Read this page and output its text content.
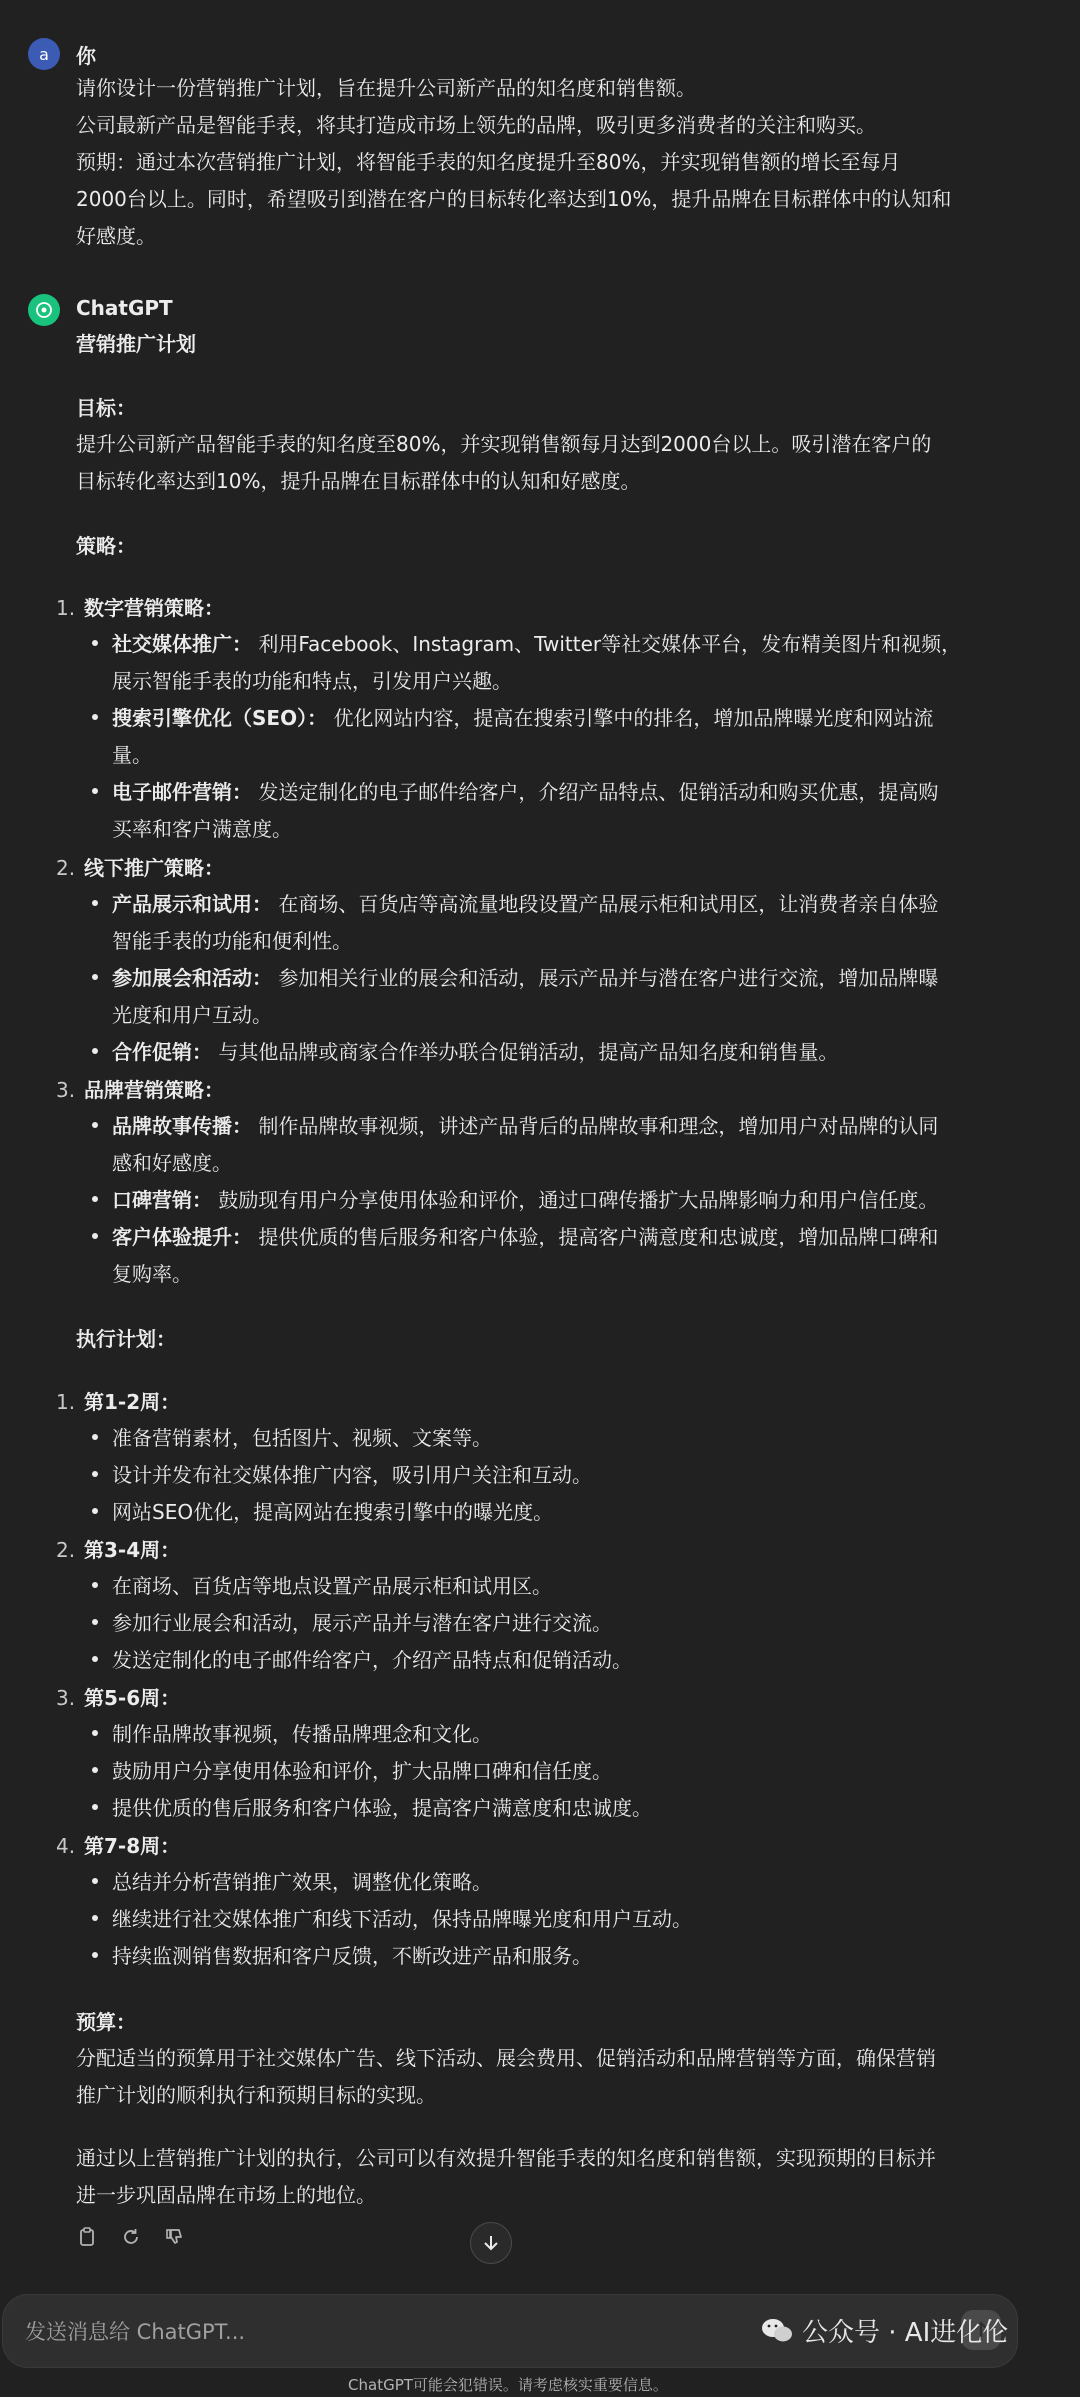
a	你

请你设计一份营销推广计划，旨在提升公司新产品的知名度和销售额。

公司最新产品是智能手表，将其打造成市场上领先的品牌，吸引更多消费者的关注和购买。

预期：通过本次营销推广计划，将智能手表的知名度提升至80%，并实现销售额的增长至每月

2000台以上。同时，希望吸引到潜在客户的目标转化率达到10%，提升品牌在目标群体中的认知和

好感度。

ChatGPT
营销推广计划
目标：

提升公司新产品智能手表的知名度至80%，并实现销售额每月达到2000台以上。吸引潜在客户的

目标转化率达到10%，提升品牌在目标群体中的认知和好感度。

策略：
1. 数字营销策略：
社交媒体推广： 利用Facebook、Instagram、Twitter等社交媒体平台，发布精美图片和视频，
展示智能手表的功能和特点，引发用户兴趣。
搜索引擎优化（SEO）： 优化网站内容，提高在搜索引擎中的排名，增加品牌曝光度和网站流
量。
电子邮件营销： 发送定制化的电子邮件给客户，介绍产品特点、促销活动和购买优惠，提高购
买率和客户满意度。
2. 线下推广策略：
产品展示和试用： 在商场、百货店等高流量地段设置产品展示柜和试用区，让消费者亲自体验
智能手表的功能和便利性。
参加展会和活动： 参加相关行业的展会和活动，展示产品并与潜在客户进行交流，增加品牌曝
光度和用户互动。
合作促销： 与其他品牌或商家合作举办联合促销活动，提高产品知名度和销售量。
3. 品牌营销策略：
品牌故事传播： 制作品牌故事视频，讲述产品背后的品牌故事和理念，增加用户对品牌的认同
感和好感度。
口碑营销： 鼓励现有用户分享使用体验和评价，通过口碑传播扩大品牌影响力和用户信任度。
客户体验提升： 提供优质的售后服务和客户体验，提高客户满意度和忠诚度，增加品牌口碑和
复购率。
执行计划：
1. 第1-2周：
准备营销素材，包括图片、视频、文案等。
设计并发布社交媒体推广内容，吸引用户关注和互动。
网站SEO优化，提高网站在搜索引擎中的曝光度。
2. 第3-4周：
在商场、百货店等地点设置产品展示柜和试用区。
参加行业展会和活动，展示产品并与潜在客户进行交流。
发送定制化的电子邮件给客户，介绍产品特点和促销活动。
3. 第5-6周：
制作品牌故事视频，传播品牌理念和文化。
鼓励用户分享使用体验和评价，扩大品牌口碑和信任度。
提供优质的售后服务和客户体验，提高客户满意度和忠诚度。
4. 第7-8周：
总结并分析营销推广效果，调整优化策略。
继续进行社交媒体推广和线下活动，保持品牌曝光度和用户互动。
持续监测销售数据和客户反馈，不断改进产品和服务。
预算：

分配适当的预算用于社交媒体广告、线下活动、展会费用、促销活动和品牌营销等方面，确保营销

推广计划的顺利执行和预期目标的实现。

通过以上营销推广计划的执行，公司可以有效提升智能手表的知名度和销售额，实现预期的目标并

进一步巩固品牌在市场上的地位。

发送消息给 ChatGPT...
公众号 · AI进化伦
ChatGPT可能会犯错误。请考虑核实重要信息。
